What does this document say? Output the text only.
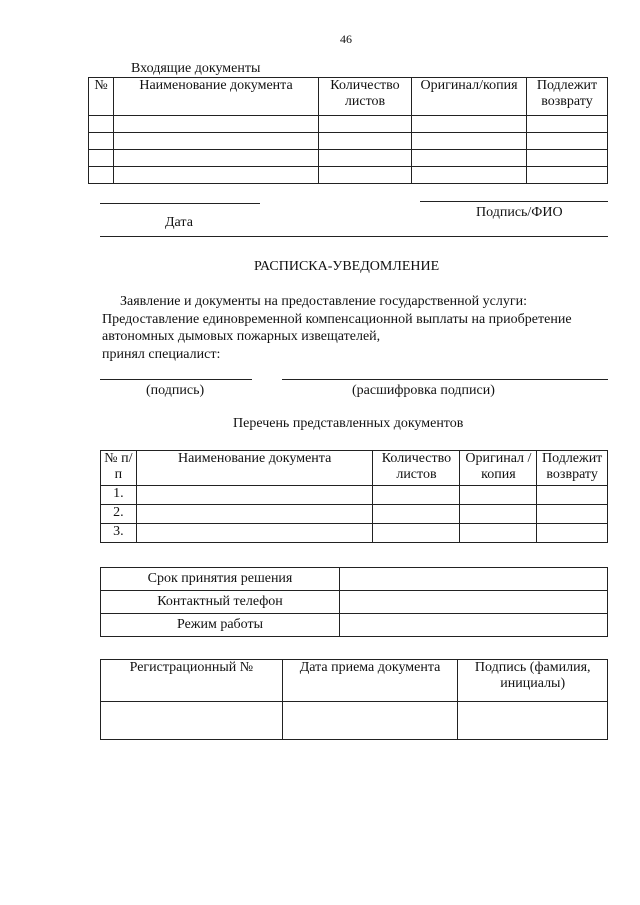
46
Входящие документы
№	Наименование документа	Количество листов	Оригинал/копия	Подлежит возврату

Подпись/ФИО
Дата
РАСПИСКА-УВЕДОМЛЕНИЕ
Заявление и документы на предоставление государственной услуги:
Предоставление единовременной компенсационной выплаты на приобретение
автономных дымовых пожарных извещателей,
принял специалист:
(подпись)	(расшифровка подписи)
Перечень представленных документов
№ п/п	Наименование документа	Количество листов	Оригинал /копия	Подлежит возврату
1.				
2.				
3.				
Срок принятия решения	
Контактный телефон	
Режим работы	
Регистрационный №	Дата приема документа	Подпись (фамилия, инициалы)
